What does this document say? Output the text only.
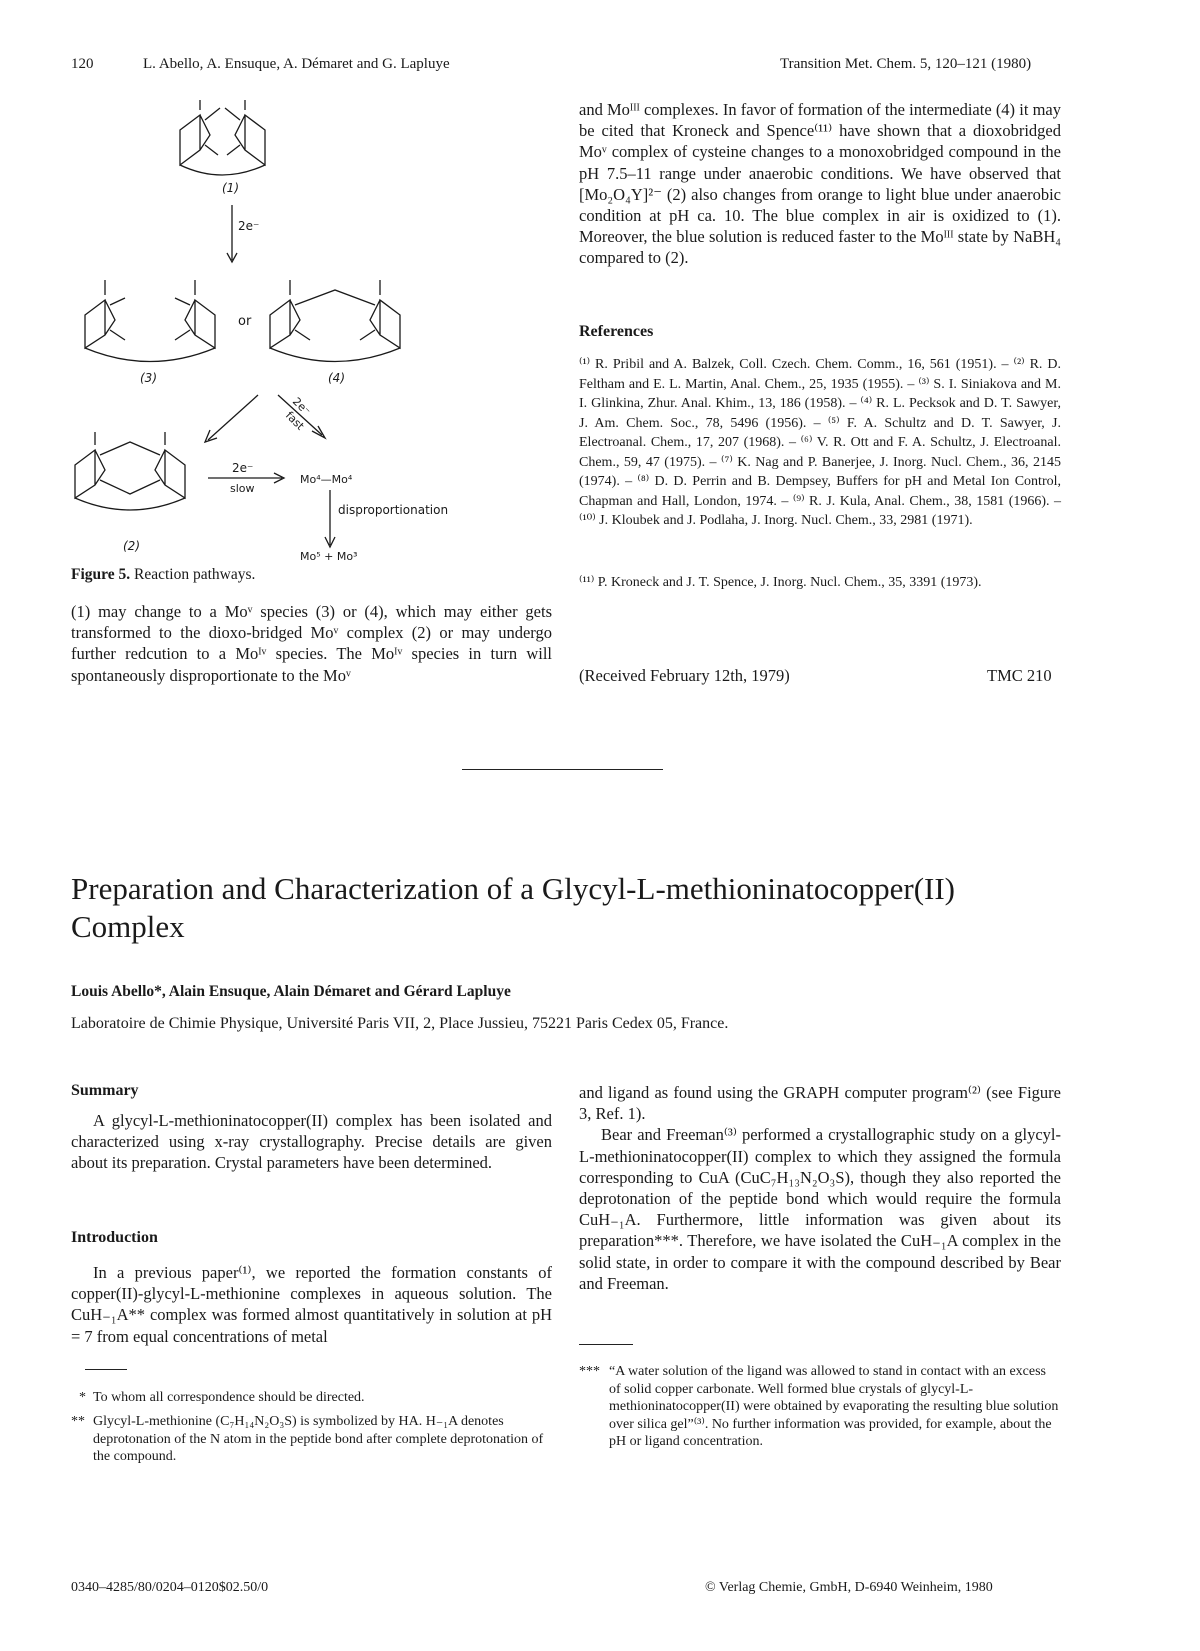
120	L. Abello, A. Ensuque, A. Démaret and G. Lapluye	Transition Met. Chem. 5, 120–121 (1980)
(1)
2e⁻
or
(3)	(4)
fast
2e⁻
2e⁻
slow
Mo⁴—Mo⁴
disproportionation
(2)
Mo⁵ + Mo³
Figure 5. Reaction pathways.
(1) may change to a Moᵛ species (3) or (4), which may either gets transformed to the dioxo-bridged Moᵛ complex (2) or may undergo further redcution to a Moᴵᵛ species. The Moᴵᵛ species in turn will spontaneously disproportionate to the Moᵛ
and Moᴵᴵᴵ complexes. In favor of formation of the intermediate (4) it may be cited that Kroneck and Spence⁽¹¹⁾ have shown that a dioxobridged Moᵛ complex of cysteine changes to a monoxobridged compound in the pH 7.5–11 range under anaerobic conditions. We have observed that [Mo₂O₄Y]²⁻ (2) also changes from orange to light blue under anaerobic condition at pH ca. 10. The blue complex in air is oxidized to (1). Moreover, the blue solution is reduced faster to the Moᴵᴵᴵ state by NaBH₄ compared to (2).
References
⁽¹⁾ R. Pribil and A. Balzek, Coll. Czech. Chem. Comm., 16, 561 (1951). – ⁽²⁾ R. D. Feltham and E. L. Martin, Anal. Chem., 25, 1935 (1955). – ⁽³⁾ S. I. Siniakova and M. I. Glinkina, Zhur. Anal. Khim., 13, 186 (1958). – ⁽⁴⁾ R. L. Pecksok and D. T. Sawyer, J. Am. Chem. Soc., 78, 5496 (1956). – ⁽⁵⁾ F. A. Schultz and D. T. Sawyer, J. Electroanal. Chem., 17, 207 (1968). – ⁽⁶⁾ V. R. Ott and F. A. Schultz, J. Electroanal. Chem., 59, 47 (1975). – ⁽⁷⁾ K. Nag and P. Banerjee, J. Inorg. Nucl. Chem., 36, 2145 (1974). – ⁽⁸⁾ D. D. Perrin and B. Dempsey, Buffers for pH and Metal Ion Control, Chapman and Hall, London, 1974. – ⁽⁹⁾ R. J. Kula, Anal. Chem., 38, 1581 (1966). – ⁽¹⁰⁾ J. Kloubek and J. Podlaha, J. Inorg. Nucl. Chem., 33, 2981 (1971).
⁽¹¹⁾ P. Kroneck and J. T. Spence, J. Inorg. Nucl. Chem., 35, 3391 (1973).
(Received February 12th, 1979)	TMC 210
Preparation and Characterization of a Glycyl-L-methioninatocopper(II) Complex
Louis Abello*, Alain Ensuque, Alain Démaret and Gérard Lapluye
Laboratoire de Chimie Physique, Université Paris VII, 2, Place Jussieu, 75221 Paris Cedex 05, France.
Summary
A glycyl-L-methioninatocopper(II) complex has been isolated and characterized using x-ray crystallography. Precise details are given about its preparation. Crystal parameters have been determined.
Introduction
In a previous paper⁽¹⁾, we reported the formation constants of copper(II)-glycyl-L-methionine complexes in aqueous solution. The CuH₋₁A** complex was formed almost quantitatively in solution at pH = 7 from equal concentrations of metal
and ligand as found using the GRAPH computer program⁽²⁾ (see Figure 3, Ref. 1).
Bear and Freeman⁽³⁾ performed a crystallographic study on a glycyl-L-methioninatocopper(II) complex to which they assigned the formula corresponding to CuA (CuC₇H₁₃N₂O₃S), though they also reported the deprotonation of the peptide bond which would require the formula CuH₋₁A. Furthermore, little information was given about its preparation***. Therefore, we have isolated the CuH₋₁A complex in the solid state, in order to compare it with the compound described by Bear and Freeman.
* To whom all correspondence should be directed.
** Glycyl-L-methionine (C₇H₁₄N₂O₃S) is symbolized by HA. H₋₁A denotes deprotonation of the N atom in the peptide bond after complete deprotonation of the compound.
*** “A water solution of the ligand was allowed to stand in contact with an excess of solid copper carbonate. Well formed blue crystals of glycyl-L-methioninatocopper(II) were obtained by evaporating the resulting blue solution over silica gel”⁽³⁾. No further information was provided, for example, about the pH or ligand concentration.
0340–4285/80/0204–0120$02.50/0	© Verlag Chemie, GmbH, D-6940 Weinheim, 1980
